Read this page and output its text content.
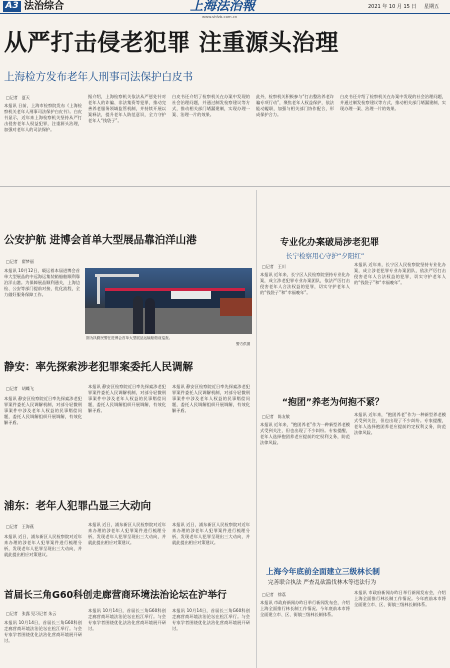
A3 法治综合	上海法治報	2021 年 10 月 15 日 星期五
www.shfzb.com.cn
从严打击侵老犯罪 注重源头治理
上海检方发布老年人刑事司法保护白皮书
□记者 夏天
本报讯 日前，上海市检察院发布《上海检察机关老年人刑事司法保护白皮书》。白皮书显示，近年来上海检察机关坚持从严打击侵害老年人权益犯罪，注重源头治理，加强对老年人的司法保护。
据介绍，上海检察机关依法从严惩处针对老年人的诈骗、非法集资等犯罪，推动完善养老服务领域监管机制，并持续开展以案释法，提升老年人防范意识，全力守护老年人“钱袋子”。
白皮书还介绍了检察机关在办案中发现的社会治理问题，并通过制发检察建议等方式，推动相关部门堵漏建制，实现办理一案、治理一片的效果。
此外，检察机关积极参与“打击整治养老诈骗专项行动”，聚焦老年人权益保护，依法能动履职，加强与相关部门协作配合，形成保护合力。
白皮书还介绍了检察机关在办案中发现的社会治理问题，并通过制发检察建议等方式，推动相关部门堵漏建制，实现办理一案、治理一片的效果。
公安护航 进博会首单大型展品靠泊洋山港
□记者 翟梦丽
本报讯 10月12日，载运着本届进博会首单大型展品的中远海运集装箱船舶顺利靠泊洋山港。为保障展品顺利通关，上海边检、公安等部门提前对接，优化流程，全力做好服务保障工作。
图为执勤民警在进博会首单大型展品运输船舶前巡查。
警方供图
静安：率先探索涉老犯罪案委托人民调解
□记者 胡蝶飞
本报讯 静安区检察院近日率先探索涉老犯罪案件委托人民调解机制，对部分轻微刑事案件中涉及老年人权益的民事赔偿问题，委托人民调解组织开展调解，有效化解矛盾。
本报讯 静安区检察院近日率先探索涉老犯罪案件委托人民调解机制，对部分轻微刑事案件中涉及老年人权益的民事赔偿问题，委托人民调解组织开展调解，有效化解矛盾。
本报讯 静安区检察院近日率先探索涉老犯罪案件委托人民调解机制，对部分轻微刑事案件中涉及老年人权益的民事赔偿问题，委托人民调解组织开展调解，有效化解矛盾。
浦东：老年人犯罪凸显三大动向
□记者 王海燕
本报讯 近日，浦东新区人民检察院对近年来办理的涉老年人犯罪案件进行梳理分析，发现老年人犯罪呈现出三大动向，并就此提出相应对策建议。
本报讯 近日，浦东新区人民检察院对近年来办理的涉老年人犯罪案件进行梳理分析，发现老年人犯罪呈现出三大动向，并就此提出相应对策建议。
本报讯 近日，浦东新区人民检察院对近年来办理的涉老年人犯罪案件进行梳理分析，发现老年人犯罪呈现出三大动向，并就此提出相应对策建议。
首届长三角G60科创走廊营商环境法治论坛在沪举行
□记者 张露 见习记者 朱云
本报讯 10月14日，首届长三角G60科创走廊营商环境法治论坛在松江举行。与会专家学者围绕优化法治化营商环境展开研讨。
本报讯 10月14日，首届长三角G60科创走廊营商环境法治论坛在松江举行。与会专家学者围绕优化法治化营商环境展开研讨。
本报讯 10月14日，首届长三角G60科创走廊营商环境法治论坛在松江举行。与会专家学者围绕优化法治化营商环境展开研讨。
专业化办案破局涉老犯罪
长宁检察用心守护“夕阳红”
□记者 王川
本报讯 近年来，长宁区人民检察院坚持专业化办案，成立涉老犯罪专业办案团队，依法严厉打击侵害老年人合法权益的犯罪，切实守护老年人的“钱袋子”和“幸福晚年”。
本报讯 近年来，长宁区人民检察院坚持专业化办案，成立涉老犯罪专业办案团队，依法严厉打击侵害老年人合法权益的犯罪，切实守护老年人的“钱袋子”和“幸福晚年”。
“抱团”养老为何抱不紧？
□记者 陈友敏
本报讯 近年来，“抱团养老”作为一种新型养老模式受到关注，但也出现了不少纠纷。专家提醒，老年人选择抱团养老应提前约定权利义务，防范法律风险。
本报讯 近年来，“抱团养老”作为一种新型养老模式受到关注，但也出现了不少纠纷。专家提醒，老年人选择抱团养老应提前约定权利义务，防范法律风险。
上海今年底前全面建立三级林长制
完善联合执法 严查乱砍滥伐林木等违法行为
□记者 徐荔
本报讯 市政府新闻办昨日举行新闻发布会，介绍上海全面推行林长制工作情况。今年底前本市将全面建立市、区、街镇三级林长制体系。
本报讯 市政府新闻办昨日举行新闻发布会，介绍上海全面推行林长制工作情况。今年底前本市将全面建立市、区、街镇三级林长制体系。
